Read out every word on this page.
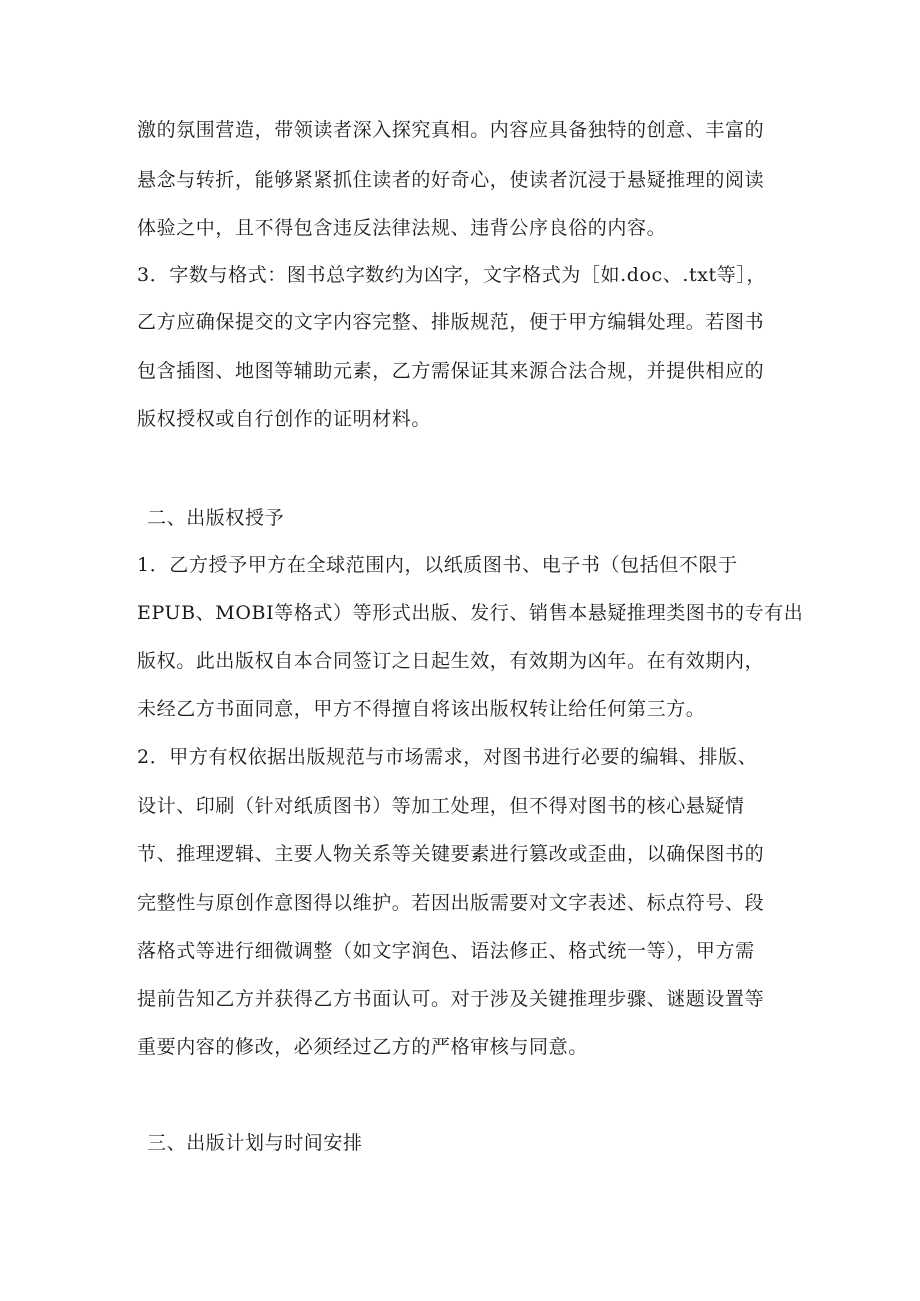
激的氛围营造，带领读者深入探究真相。内容应具备独特的创意、丰富的
悬念与转折，能够紧紧抓住读者的好奇心，使读者沉浸于悬疑推理的阅读
体验之中，且不得包含违反法律法规、违背公序良俗的内容。
3．字数与格式：图书总字数约为凶字，文字格式为［如.doc、.txt等］，
乙方应确保提交的文字内容完整、排版规范，便于甲方编辑处理。若图书
包含插图、地图等辅助元素，乙方需保证其来源合法合规，并提供相应的
版权授权或自行创作的证明材料。
二、出版权授予
1．乙方授予甲方在全球范围内，以纸质图书、电子书（包括但不限于
EPUB、MOBI等格式）等形式出版、发行、销售本悬疑推理类图书的专有出
版权。此出版权自本合同签订之日起生效，有效期为凶年。在有效期内，
未经乙方书面同意，甲方不得擅自将该出版权转让给任何第三方。
2．甲方有权依据出版规范与市场需求，对图书进行必要的编辑、排版、
设计、印刷（针对纸质图书）等加工处理，但不得对图书的核心悬疑情
节、推理逻辑、主要人物关系等关键要素进行篡改或歪曲，以确保图书的
完整性与原创作意图得以维护。若因出版需要对文字表述、标点符号、段
落格式等进行细微调整（如文字润色、语法修正、格式统一等），甲方需
提前告知乙方并获得乙方书面认可。对于涉及关键推理步骤、谜题设置等
重要内容的修改，必须经过乙方的严格审核与同意。
三、出版计划与时间安排
